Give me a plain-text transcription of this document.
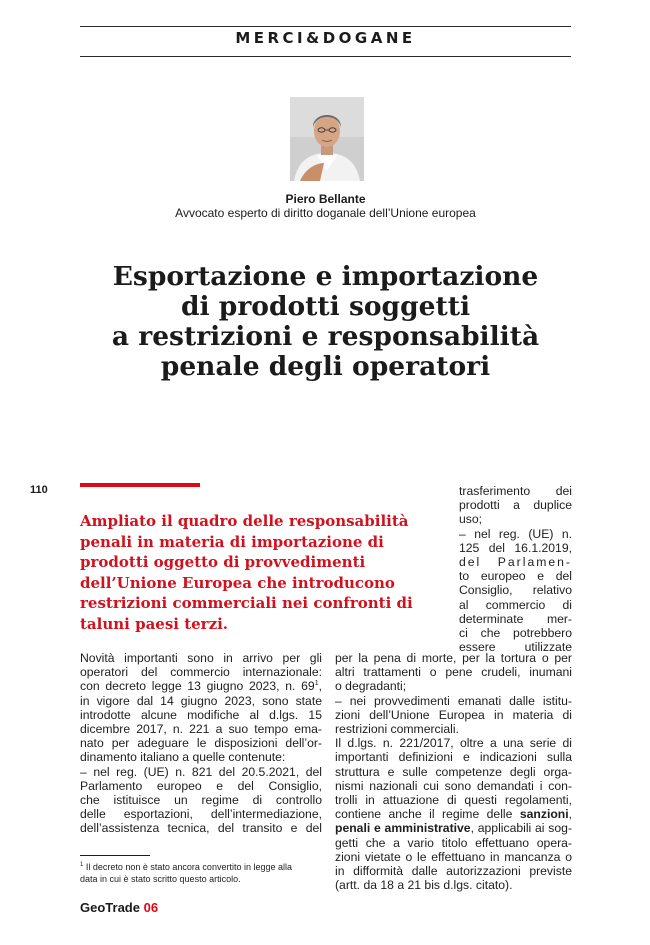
MERCI&DOGANE
Piero Bellante
Avvocato esperto di diritto doganale dell’Unione europea
Esportazione e importazione
di prodotti soggetti
a restrizioni e responsabilità
penale degli operatori
110
Ampliato il quadro delle responsabilità
penali in materia di importazione di
prodotti oggetto di provvedimenti
dell’Unione Europea che introducono
restrizioni commerciali nei confronti di
taluni paesi terzi.
trasferimento dei
prodotti a duplice
uso;
– nel reg. (UE) n.
125 del 16.1.2019,
del Parlamen-
to europeo e del
Consiglio, relativo
al commercio di
determinate mer-
ci che potrebbero
essere utilizzate
Novità importanti sono in arrivo per gli
operatori del commercio internazionale:
con decreto legge 13 giugno 2023, n. $69^1$,
in vigore dal 14 giugno 2023, sono state
introdotte alcune modifiche al d.lgs. 15
dicembre 2017, n. 221 a suo tempo ema-
nato per adeguare le disposizioni dell’or-
dinamento italiano a quelle contenute:
– nel reg. (UE) n. 821 del 20.5.2021, del
Parlamento europeo e del Consiglio,
che istituisce un regime di controllo
delle esportazioni, dell’intermediazione,
dell’assistenza tecnica, del transito e del
per la pena di morte, per la tortura o per
altri trattamenti o pene crudeli, inumani
o degradanti;
– nei provvedimenti emanati dalle istitu-
zioni dell’Unione Europea in materia di
restrizioni commerciali.
Il d.lgs. n. 221/2017, oltre a una serie di
importanti definizioni e indicazioni sulla
struttura e sulle competenze degli orga-
nismi nazionali cui sono demandati i con-
trolli in attuazione di questi regolamenti,
contiene anche il regime delle sanzioni,
penali e amministrative, applicabili ai sog-
getti che a vario titolo effettuano opera-
zioni vietate o le effettuano in mancanza o
in difformità dalle autorizzazioni previste
(artt. da 18 a 21 bis d.lgs. citato).
$^1$ Il decreto non è stato ancora convertito in legge alla
data in cui è stato scritto questo articolo.
GeoTrade 06
